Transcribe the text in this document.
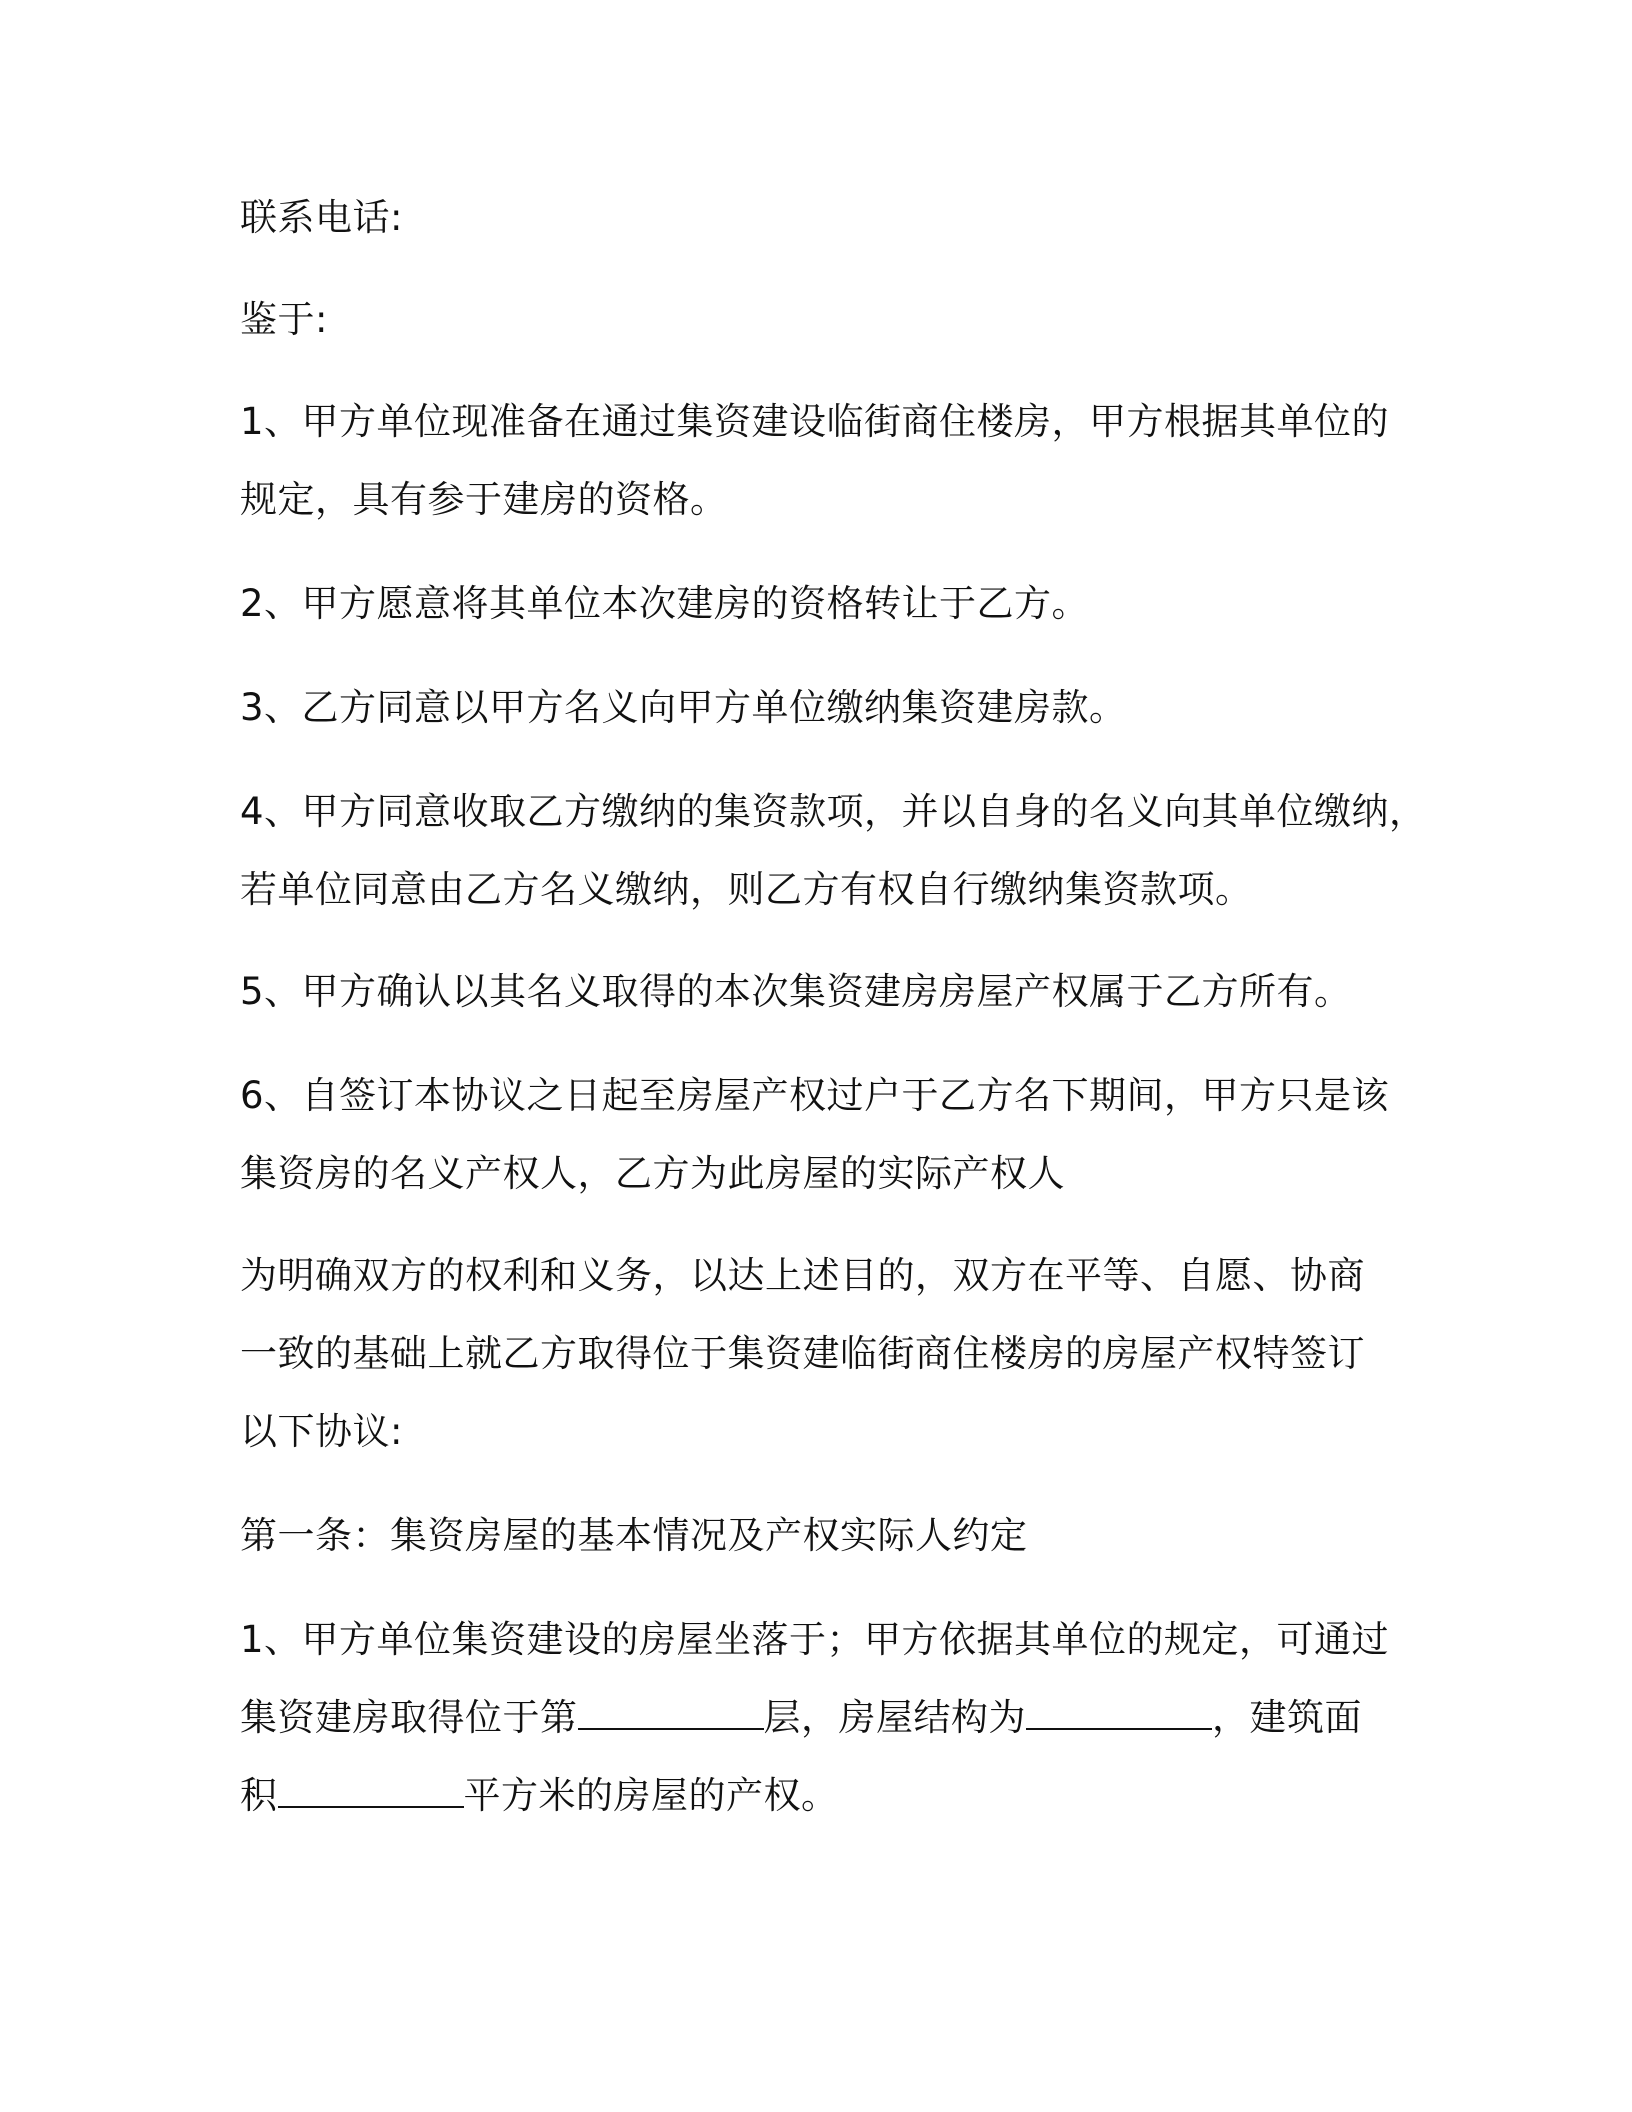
联系电话:
鉴于:
1、甲方单位现准备在通过集资建设临街商住楼房，甲方根据其单位的
规定，具有参于建房的资格。
2、甲方愿意将其单位本次建房的资格转让于乙方。
3、乙方同意以甲方名义向甲方单位缴纳集资建房款。
4、甲方同意收取乙方缴纳的集资款项，并以自身的名义向其单位缴纳，
若单位同意由乙方名义缴纳，则乙方有权自行缴纳集资款项。
5、甲方确认以其名义取得的本次集资建房房屋产权属于乙方所有。
6、自签订本协议之日起至房屋产权过户于乙方名下期间，甲方只是该
集资房的名义产权人，乙方为此房屋的实际产权人
为明确双方的权利和义务，以达上述目的，双方在平等、自愿、协商
一致的基础上就乙方取得位于集资建临街商住楼房的房屋产权特签订
以下协议:
第一条：集资房屋的基本情况及产权实际人约定
1、甲方单位集资建设的房屋坐落于；甲方依据其单位的规定，可通过
集资建房取得位于第	层，房屋结构为	，建筑面
积	平方米的房屋的产权。
